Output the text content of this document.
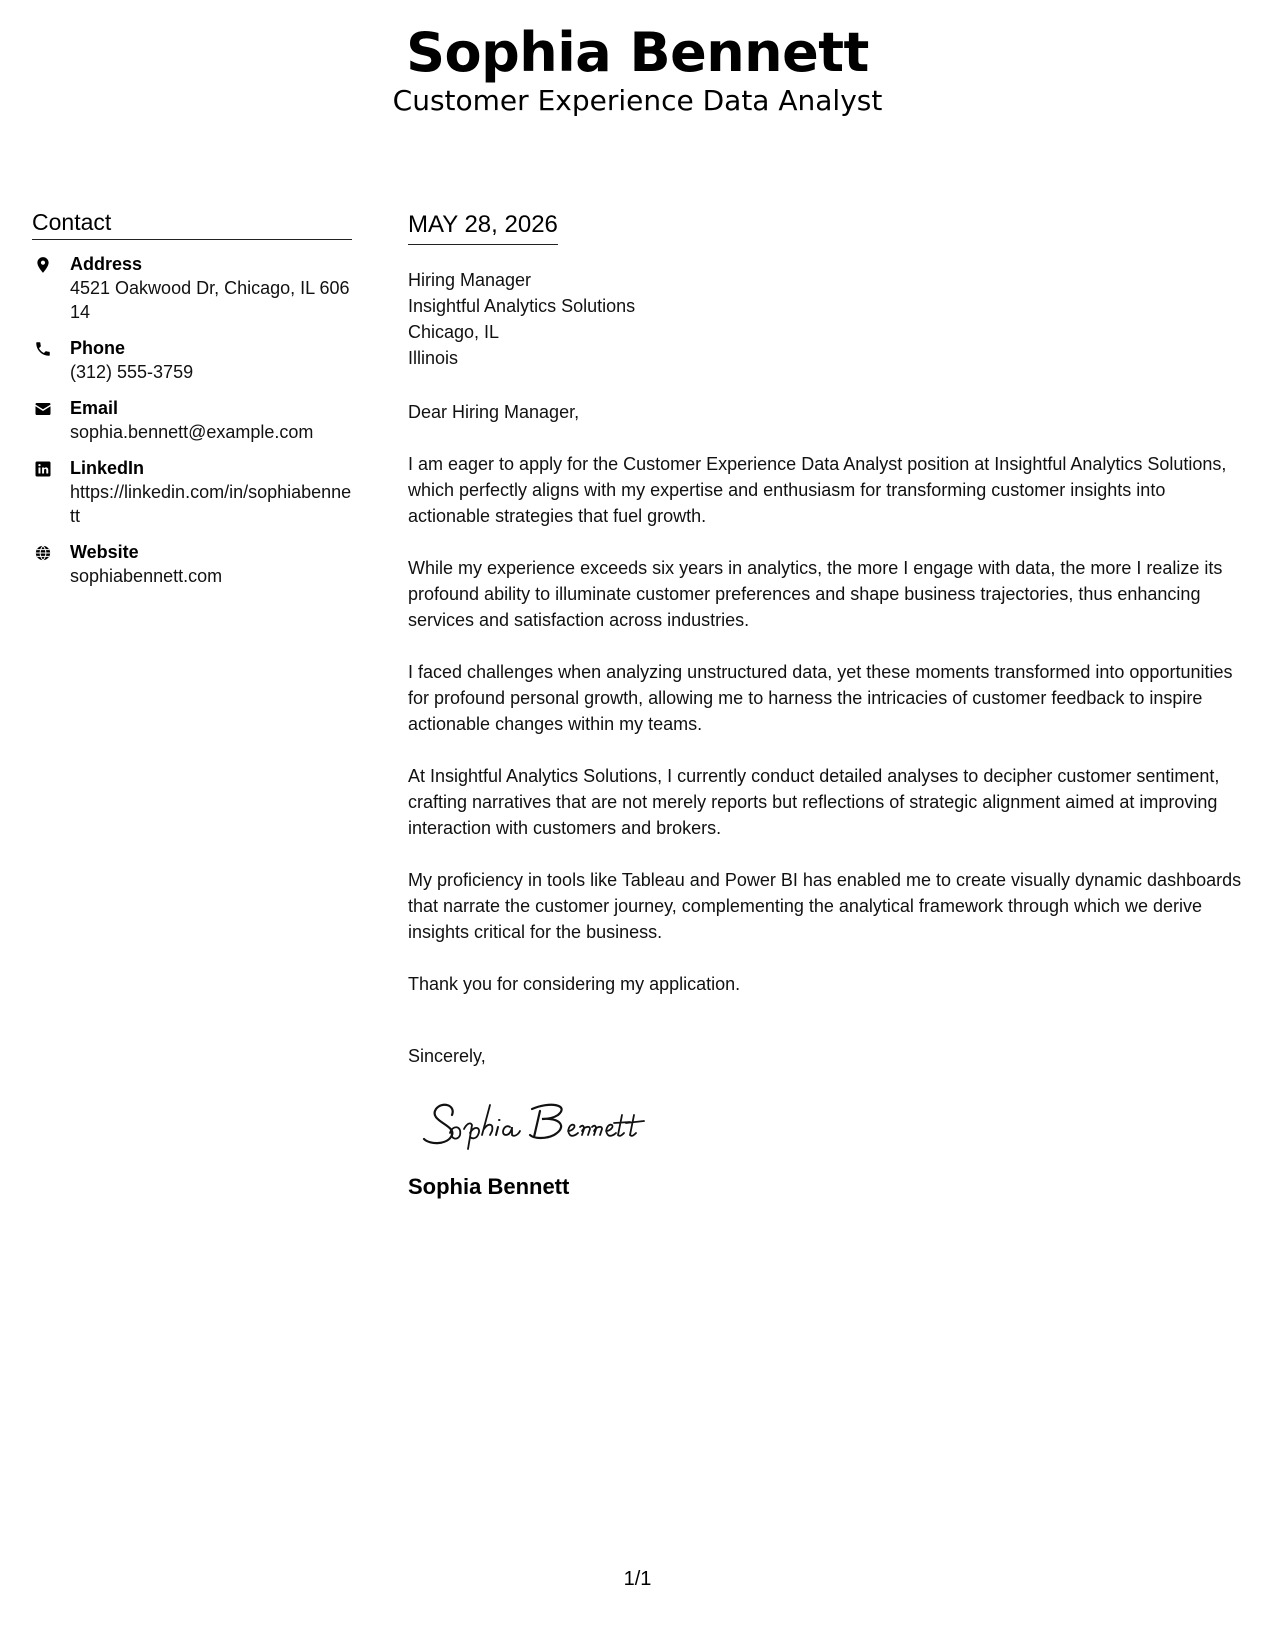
Sophia Bennett
Customer Experience Data Analyst
Contact
Address
4521 Oakwood Dr, Chicago, IL 60614
Phone
(312) 555-3759
Email
sophia.bennett@example.com
LinkedIn
https://linkedin.com/in/sophiabennett
Website
sophiabennett.com
MAY 28, 2026
Hiring Manager
Insightful Analytics Solutions
Chicago, IL
Illinois
Dear Hiring Manager,
I am eager to apply for the Customer Experience Data Analyst position at Insightful Analytics Solutions, which perfectly aligns with my expertise and enthusiasm for transforming customer insights into actionable strategies that fuel growth.
While my experience exceeds six years in analytics, the more I engage with data, the more I realize its profound ability to illuminate customer preferences and shape business trajectories, thus enhancing services and satisfaction across industries.
I faced challenges when analyzing unstructured data, yet these moments transformed into opportunities for profound personal growth, allowing me to harness the intricacies of customer feedback to inspire actionable changes within my teams.
At Insightful Analytics Solutions, I currently conduct detailed analyses to decipher customer sentiment, crafting narratives that are not merely reports but reflections of strategic alignment aimed at improving interaction with customers and brokers.
My proficiency in tools like Tableau and Power BI has enabled me to create visually dynamic dashboards that narrate the customer journey, complementing the analytical framework through which we derive insights critical for the business.
Thank you for considering my application.
Sincerely,
Sophia Bennett
1/1
